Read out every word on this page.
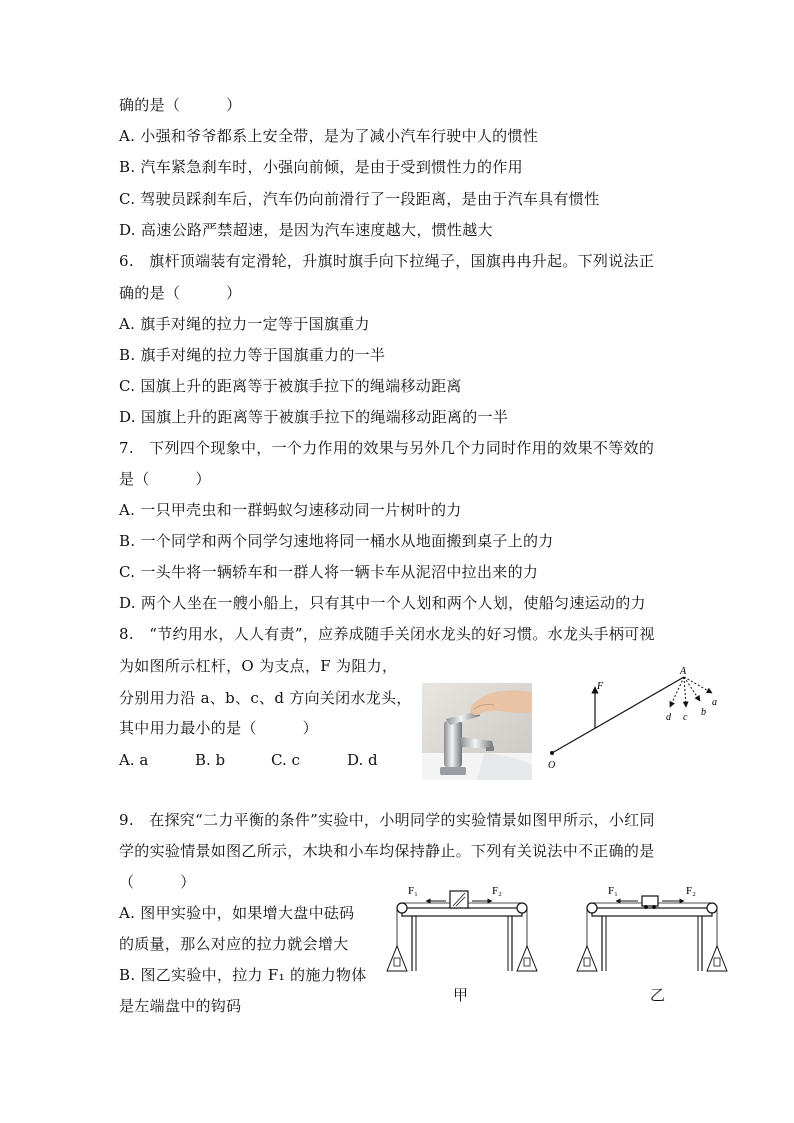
确的是（　　　）
A. 小强和爷爷都系上安全带，是为了减小汽车行驶中人的惯性
B. 汽车紧急刹车时，小强向前倾，是由于受到惯性力的作用
C. 驾驶员踩刹车后，汽车仍向前滑行了一段距离，是由于汽车具有惯性
D. 高速公路严禁超速，是因为汽车速度越大，惯性越大
6.　旗杆顶端装有定滑轮，升旗时旗手向下拉绳子，国旗冉冉升起。下列说法正
确的是（　　　）
A. 旗手对绳的拉力一定等于国旗重力
B. 旗手对绳的拉力等于国旗重力的一半
C. 国旗上升的距离等于被旗手拉下的绳端移动距离
D. 国旗上升的距离等于被旗手拉下的绳端移动距离的一半
7.　下列四个现象中，一个力作用的效果与另外几个力同时作用的效果不等效的
是（　　　）
A. 一只甲壳虫和一群蚂蚁匀速移动同一片树叶的力
B. 一个同学和两个同学匀速地将同一桶水从地面搬到桌子上的力
C. 一头牛将一辆轿车和一群人将一辆卡车从泥沼中拉出来的力
D. 两个人坐在一艘小船上，只有其中一个人划和两个人划，使船匀速运动的力
8.　“节约用水，人人有责”，应养成随手关闭水龙头的好习惯。水龙头手柄可视
为如图所示杠杆，O 为支点，F 为阻力，
分别用力沿 a、b、c、d 方向关闭水龙头，
其中用力最小的是（　　　）
A. a	B. b	C. c	D. d
A
O
F
a
b
c
d
9.　在探究“二力平衡的条件”实验中，小明同学的实验情景如图甲所示，小红同
学的实验情景如图乙所示，木块和小车均保持静止。下列有关说法中不正确的是
（　　　）
A. 图甲实验中，如果增大盘中砝码
的质量，那么对应的拉力就会增大
B. 图乙实验中，拉力 F₁ 的施力物体
是左端盘中的钩码
F₁	F₂
甲
F₁	F₂
乙
